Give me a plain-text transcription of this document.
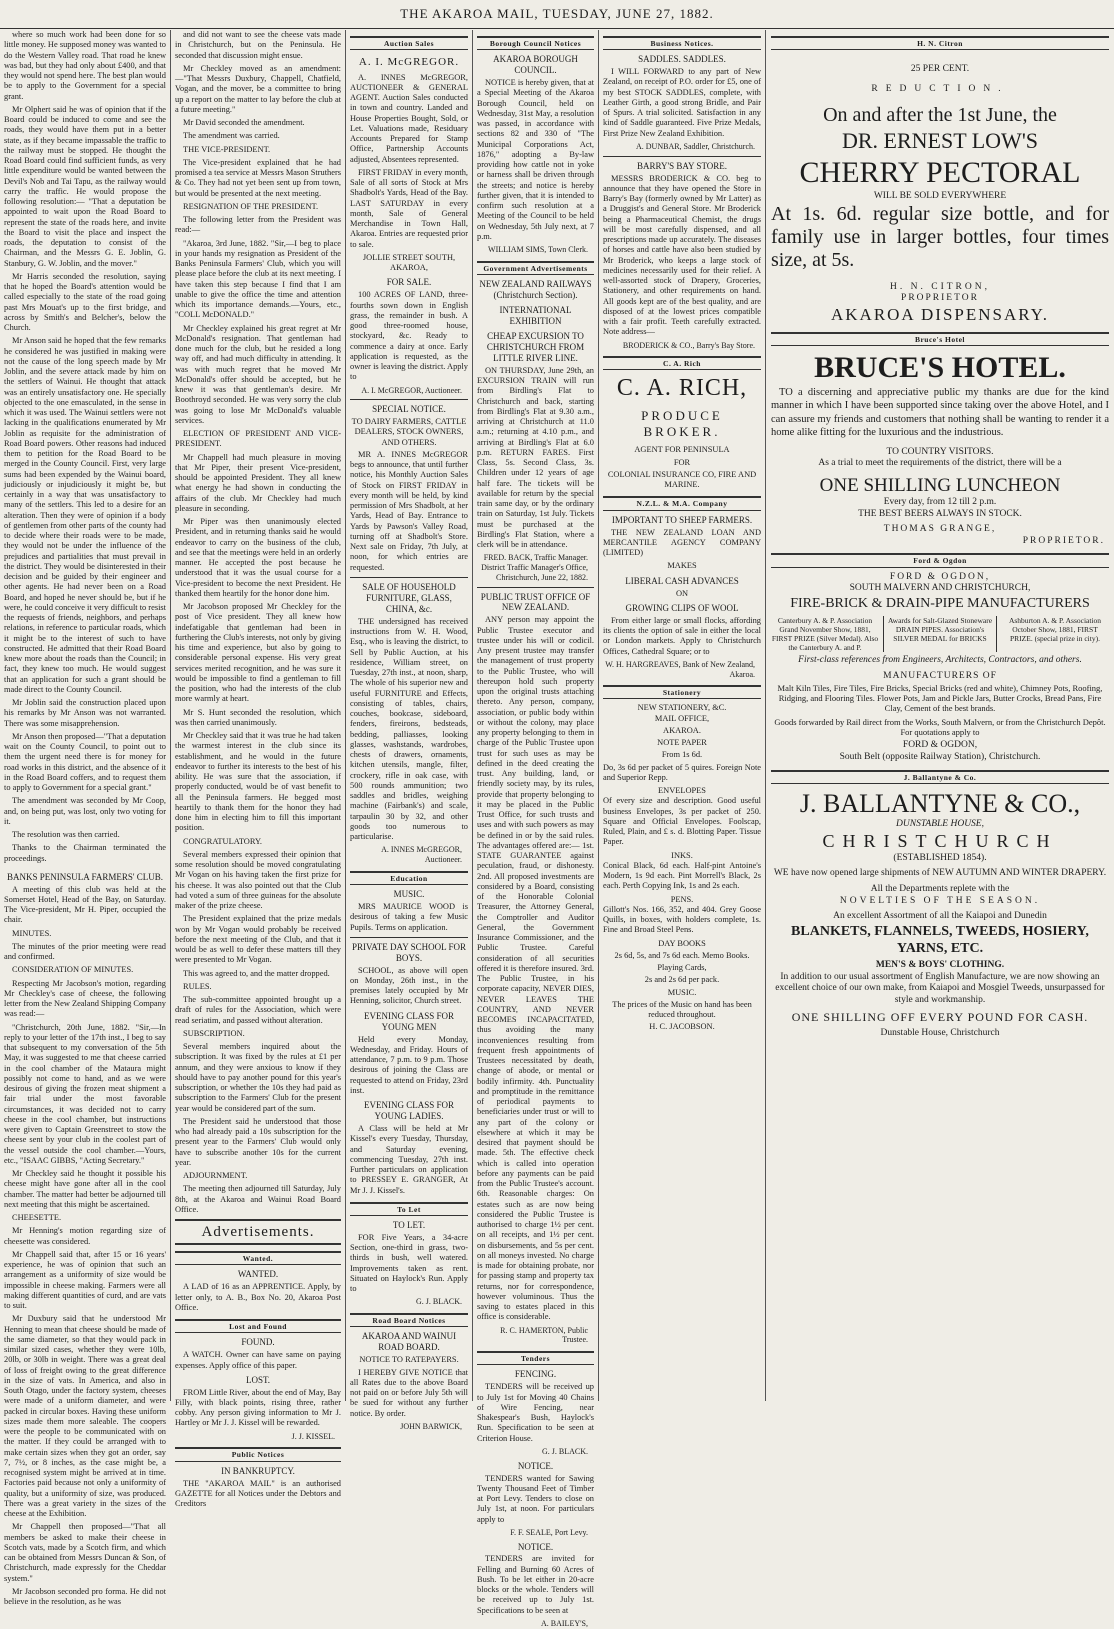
THE AKAROA MAIL, TUESDAY, JUNE 27, 1882.

where so much work had been done for so little money. He supposed money was wanted to do the Western Valley road. That road he knew was bad, but they had only about £400, and that they would not spend here. The best plan would be to apply to the Government for a special grant.

Mr Olphert said he was of opinion that if the Board could be induced to come and see the roads, they would have them put in a better state, as if they became impassable the traffic to the railway must be stopped. He thought the Road Board could find sufficient funds, as very little expenditure would be wanted between the Devil's Nob and Tai Tapu, as the railway would carry the traffic. He would propose the following resolution:— "That a deputation be appointed to wait upon the Road Board to represent the state of the roads here, and invite the Board to visit the place and inspect the roads, the deputation to consist of the Chairman, and the Messrs G. E. Joblin, G. Stanbury, G. W. Joblin, and the mover."

Mr Harris seconded the resolution, saying that he hoped the Board's attention would be called especially to the state of the road going past Mrs Mouat's up to the first bridge, and across by Smith's and Belcher's, below the Church.

Mr Anson said he hoped that the few remarks he considered he was justified in making were not the cause of the long speech made by Mr Joblin, and the severe attack made by him on the settlers of Wainui. He thought that attack was an entirely unsatisfactory one. He specially objected to the one emasculated, in the sense in which it was used. The Wainui settlers were not lacking in the qualifications enumerated by Mr Joblin as requisite for the administration of Road Board powers. Other reasons had induced them to petition for the Road Board to be merged in the County Council. First, very large sums had been expended by the Wainui board, judiciously or injudiciously it might be, but certainly in a way that was unsatisfactory to many of the settlers. This led to a desire for an alteration. Then they were of opinion if a body of gentlemen from other parts of the county had to decide where their roads were to be made, they would not be under the influence of the prejudices and partialities that must prevail in the district. They would be disinterested in their decision and be guided by their engineer and other agents. He had never been on a Road Board, and hoped he never should be, but if he were, he could conceive it very difficult to resist the requests of friends, neighbors, and perhaps relations, in reference to particular roads, which it might be to the interest of such to have constructed. He admitted that their Road Board knew more about the roads than the Council; in fact, they knew too much. He would suggest that an application for such a grant should be made direct to the County Council.

Mr Joblin said the construction placed upon his remarks by Mr Anson was not warranted. There was some misapprehension.

Mr Anson then proposed—"That a deputation wait on the County Council, to point out to them the urgent need there is for money for road works in this district, and the absence of it in the Road Board coffers, and to request them to apply to Government for a special grant."

The amendment was seconded by Mr Coop, and, on being put, was lost, only two voting for it.

The resolution was then carried.

Thanks to the Chairman terminated the proceedings.

BANKS PENINSULA FARMERS' CLUB.

A meeting of this club was held at the Somerset Hotel, Head of the Bay, on Saturday. The Vice-president, Mr H. Piper, occupied the chair.

MINUTES.

The minutes of the prior meeting were read and confirmed.

CONSIDERATION OF MINUTES.

Respecting Mr Jacobson's motion, regarding Mr Checkley's case of cheese, the following letter from the New Zealand Shipping Company was read:—

"Christchurch, 20th June, 1882. "Sir,—In reply to your letter of the 17th inst., I beg to say that subsequent to my conversation of the 5th May, it was suggested to me that cheese carried in the cool chamber of the Mataura might possibly not come to hand, and as we were desirous of giving the frozen meat shipment a fair trial under the most favorable circumstances, it was decided not to carry cheese in the cool chamber, but instructions were given to Captain Greenstreet to stow the cheese sent by your club in the coolest part of the vessel outside the cool chamber.—Yours, etc., "ISAAC GIBBS, "Acting Secretary."

Mr Checkley said he thought it possible his cheese might have gone after all in the cool chamber. The matter had better be adjourned till next meeting that this might be ascertained.

CHEESETTE.

Mr Henning's motion regarding size of cheesette was considered.

Mr Chappell said that, after 15 or 16 years' experience, he was of opinion that such an arrangement as a uniformity of size would be impossible in cheese making. Farmers were all making different quantities of curd, and are vats to suit.

Mr Duxbury said that he understood Mr Henning to mean that cheese should be made of the same diameter, so that they would pack in similar sized cases, whether they were 10lb, 20lb, or 30lb in weight. There was a great deal of loss of freight owing to the great difference in the size of vats. In America, and also in South Otago, under the factory system, cheeses were made of a uniform diameter, and were packed in circular boxes. Having these uniform sizes made them more saleable. The coopers were the people to be communicated with on the matter. If they could be arranged with to make certain sizes when they got an order, say 7, 7½, or 8 inches, as the case might be, a recognised system might be arrived at in time. Factories paid because not only a uniformity of quality, but a uniformity of size, was produced. There was a great variety in the sizes of the cheese at the Exhibition.

Mr Chappell then proposed—"That all members be asked to make their cheese in Scotch vats, made by a Scotch firm, and which can be obtained from Messrs Duncan & Son, of Christchurch, made expressly for the Cheddar system."

Mr Jacobson seconded pro forma. He did not believe in the resolution, as he was

and did not want to see the cheese vats made in Christchurch, but on the Peninsula. He seconded that discussion might ensue.

Mr Checkley moved as an amendment:—"That Messrs Duxbury, Chappell, Chatfield, Vogan, and the mover, be a committee to bring up a report on the matter to lay before the club at a future meeting."

Mr David seconded the amendment.

The amendment was carried.

THE VICE-PRESIDENT.

The Vice-president explained that he had promised a tea service at Messrs Mason Struthers & Co. They had not yet been sent up from town, but would be presented at the next meeting.

RESIGNATION OF THE PRESIDENT.

The following letter from the President was read:—

"Akaroa, 3rd June, 1882. "Sir,—I beg to place in your hands my resignation as President of the Banks Peninsula Farmers' Club, which you will please place before the club at its next meeting. I have taken this step because I find that I am unable to give the office the time and attention which its importance demands.—Yours, etc., "COLL McDONALD."

Mr Checkley explained his great regret at Mr McDonald's resignation. That gentleman had done much for the club, but he resided a long way off, and had much difficulty in attending. It was with much regret that he moved Mr McDonald's offer should be accepted, but he knew it was that gentleman's desire. Mr Boothroyd seconded. He was very sorry the club was going to lose Mr McDonald's valuable services.

ELECTION OF PRESIDENT AND VICE-PRESIDENT.

Mr Chappell had much pleasure in moving that Mr Piper, their present Vice-president, should be appointed President. They all knew what energy he had shown in conducting the affairs of the club. Mr Checkley had much pleasure in seconding.

Mr Piper was then unanimously elected President, and in returning thanks said he would endeavor to carry on the business of the club, and see that the meetings were held in an orderly manner. He accepted the post because he understood that it was the usual course for a Vice-president to become the next President. He thanked them heartily for the honor done him.

Mr Jacobson proposed Mr Checkley for the post of Vice president. They all knew how indefatigable that gentleman had been in furthering the Club's interests, not only by giving his time and experience, but also by going to considerable personal expense. His very great services merited recognition, and he was sure it would be impossible to find a gentleman to fill the position, who had the interests of the club more warmly at heart.

Mr S. Hunt seconded the resolution, which was then carried unanimously.

Mr Checkley said that it was true he had taken the warmest interest in the club since its establishment, and he would in the future endeavor to further its interests to the best of his ability. He was sure that the association, if properly conducted, would be of vast benefit to all the Peninsula farmers. He begged most heartily to thank them for the honor they had done him in electing him to fill this important position.

CONGRATULATORY.

Several members expressed their opinion that some resolution should be moved congratulating Mr Vogan on his having taken the first prize for his cheese. It was also pointed out that the Club had voted a sum of three guineas for the absolute maker of the prize cheese.

The President explained that the prize medals won by Mr Vogan would probably be received before the next meeting of the Club, and that it would be as well to defer these matters till they were presented to Mr Vogan.

This was agreed to, and the matter dropped.

RULES.

The sub-committee appointed brought up a draft of rules for the Association, which were read seriatim, and passed without alteration.

SUBSCRIPTION.

Several members inquired about the subscription. It was fixed by the rules at £1 per annum, and they were anxious to know if they should have to pay another pound for this year's subscription, or whether the 10s they had paid as subscription to the Farmers' Club for the present year would be considered part of the sum.

The President said he understood that those who had already paid a 10s subscription for the present year to the Farmers' Club would only have to subscribe another 10s for the current year.

ADJOURNMENT.

The meeting then adjourned till Saturday, July 8th, at the Akaroa and Wainui Road Board Office.

Advertisements.
Wanted.
WANTED.

A LAD of 16 as an APPRENTICE. Apply, by letter only, to A. B., Box No. 20, Akaroa Post Office.

Lost and Found
FOUND.

A WATCH. Owner can have same on paying expenses. Apply office of this paper.

LOST.

FROM Little River, about the end of May, Bay Filly, with black points, rising three, rather cobby. Any person giving information to Mr J. Hartley or Mr J. J. Kissel will be rewarded.

J. J. KISSEL.
Public Notices
IN BANKRUPTCY.

THE "AKAROA MAIL" is an authorised GAZETTE for all Notices under the Debtors and Creditors

Auction Sales
A. I. McGREGOR.

A. INNES McGREGOR, AUCTIONEER & GENERAL AGENT. Auction Sales conducted in town and country. Landed and House Properties Bought, Sold, or Let. Valuations made, Residuary Accounts Prepared for Stamp Office, Partnership Accounts adjusted, Absentees represented.

FIRST FRIDAY in every month, Sale of all sorts of Stock at Mrs Shadbolt's Yards, Head of the Bay. LAST SATURDAY in every month, Sale of General Merchandise in Town Hall, Akaroa. Entries are requested prior to sale.

JOLLIE STREET SOUTH, AKAROA,
FOR SALE.

100 ACRES OF LAND, three-fourths sown down in English grass, the remainder in bush. A good three-roomed house, stockyard, &c. Ready to commence a dairy at once. Early application is requested, as the owner is leaving the district. Apply to

A. I. McGREGOR, Auctioneer.
SPECIAL NOTICE.
TO DAIRY FARMERS, CATTLE DEALERS, STOCK OWNERS, AND OTHERS.

MR A. INNES McGREGOR begs to announce, that until further notice, his Monthly Auction Sales of Stock on FIRST FRIDAY in every month will be held, by kind permission of Mrs Shadbolt, at her Yards, Head of Bay. Entrance to Yards by Pawson's Valley Road, turning off at Shadbolt's Store. Next sale on Friday, 7th July, at noon, for which entries are requested.

SALE OF HOUSEHOLD FURNITURE, GLASS, CHINA, &c.

THE undersigned has received instructions from W. H. Wood, Esq., who is leaving the district, to Sell by Public Auction, at his residence, William street, on Tuesday, 27th inst., at noon, sharp, The whole of his superior new and useful FURNITURE and Effects, consisting of tables, chairs, couches, bookcase, sideboard, fenders, fireirons, bedsteads, bedding, palliasses, looking glasses, washstands, wardrobes, chests of drawers, ornaments, kitchen utensils, mangle, filter, crockery, rifle in oak case, with 500 rounds ammunition; two saddles and bridles, weighing machine (Fairbank's) and scale, tarpaulin 30 by 32, and other goods too numerous to particularise.

A. INNES McGREGOR, Auctioneer.
Education
MUSIC.

MRS MAURICE WOOD is desirous of taking a few Music Pupils. Terms on application.

PRIVATE DAY SCHOOL FOR BOYS.

SCHOOL, as above will open on Monday, 26th inst., in the premises lately occupied by Mr Henning, solicitor, Church street.

EVENING CLASS FOR YOUNG MEN

Held every Monday, Wednesday, and Friday. Hours of attendance, 7 p.m. to 9 p.m. Those desirous of joining the Class are requested to attend on Friday, 23rd inst.

EVENING CLASS FOR YOUNG LADIES.

A Class will be held at Mr Kissel's every Tuesday, Thursday, and Saturday evening, commencing Tuesday, 27th inst. Further particulars on application to PRESSEY E. GRANGER, At Mr J. J. Kissel's.

To Let
TO LET.

FOR Five Years, a 34-acre Section, one-third in grass, two-thirds in bush, well watered. Improvements taken as rent. Situated on Haylock's Run. Apply to

G. J. BLACK.
Road Board Notices
AKAROA AND WAINUI ROAD BOARD.
NOTICE TO RATEPAYERS.

I HEREBY GIVE NOTICE that all Rates due to the above Board not paid on or before July 5th will be sued for without any further notice. By order.

JOHN BARWICK,
Borough Council Notices
AKAROA BOROUGH COUNCIL.

NOTICE is hereby given, that at a Special Meeting of the Akaroa Borough Council, held on Wednesday, 31st May, a resolution was passed, in accordance with sections 82 and 330 of "The Municipal Corporations Act, 1876," adopting a By-law providing how cattle not in yoke or harness shall be driven through the streets; and notice is hereby further given, that it is intended to confirm such resolution at a Meeting of the Council to be held on Wednesday, 5th July next, at 7 p.m.

WILLIAM SIMS, Town Clerk.
Government Advertisements
NEW ZEALAND RAILWAYS (Christchurch Section).
INTERNATIONAL EXHIBITION
CHEAP EXCURSION TO CHRISTCHURCH FROM LITTLE RIVER LINE.

ON THURSDAY, June 29th, an EXCURSION TRAIN will run from Birdling's Flat to Christchurch and back, starting from Birdling's Flat at 9.30 a.m., arriving at Christchurch at 11.0 a.m.; returning at 4.10 p.m., and arriving at Birdling's Flat at 6.0 p.m. RETURN FARES. First Class, 5s. Second Class, 3s. Children under 12 years of age half fare. The tickets will be available for return by the special train same day, or by the ordinary train on Saturday, 1st July. Tickets must be purchased at the Birdling's Flat Station, where a clerk will be in attendance.

FRED. BACK, Traffic Manager. District Traffic Manager's Office, Christchurch, June 22, 1882.
PUBLIC TRUST OFFICE OF NEW ZEALAND.

ANY person may appoint the Public Trustee executor and trustee under his will or codicil. Any present trustee may transfer the management of trust property to the Public Trustee, who will thereupon hold such property upon the original trusts attaching thereto. Any person, company, association, or public body within or without the colony, may place any property belonging to them in charge of the Public Trustee upon trust for such uses as may be defined in the deed creating the trust. Any building, land, or friendly society may, by its rules, provide that property belonging to it may be placed in the Public Trust Office, for such trusts and uses and with such powers as may be defined in or by the said rules. The advantages offered are:— 1st. STATE GUARANTEE against peculation, fraud, or dishonesty. 2nd. All proposed investments are considered by a Board, consisting of the Honorable Colonial Treasurer, the Attorney General, the Comptroller and Auditor General, the Government Insurance Commissioner, and the Public Trustee. Careful consideration of all securities offered it is therefore insured. 3rd. The Public Trustee, in his corporate capacity, NEVER DIES, NEVER LEAVES THE COUNTRY, AND NEVER BECOMES INCAPACITATED, thus avoiding the many inconveniences resulting from frequent fresh appointments of Trustees necessitated by death, change of abode, or mental or bodily infirmity. 4th. Punctuality and promptitude in the remittance of periodical payments to beneficiaries under trust or will to any part of the colony or elsewhere at which it may be desired that payment should be made. 5th. The effective check which is called into operation before any payments can be paid from the Public Trustee's account. 6th. Reasonable charges: On estates such as are now being considered the Public Trustee is authorised to charge 1½ per cent. on all receipts, and 1½ per cent. on disbursements, and 5s per cent. on all moneys invested. No charge is made for obtaining probate, nor for passing stamp and property tax returns, nor for correspondence, however voluminous. Thus the saving to estates placed in this office is considerable.

R. C. HAMERTON, Public Trustee.
Tenders
FENCING.

TENDERS will be received up to July 1st for Moving 40 Chains of Wire Fencing, near Shakespear's Bush, Haylock's Run. Specification to be seen at Criterion House.

G. J. BLACK.
NOTICE.

TENDERS wanted for Sawing Twenty Thousand Feet of Timber at Port Levy. Tenders to close on July 1st, at noon. For particulars apply to

F. F. SEALE, Port Levy.
NOTICE.

TENDERS are invited for Felling and Burning 60 Acres of Bush. To be let either in 20-acre blocks or the whole. Tenders will be received up to July 1st. Specifications to be seen at

A. BAILEY'S,
Business Notices.
SADDLES. SADDLES.

I WILL FORWARD to any part of New Zealand, on receipt of P.O. order for £5, one of my best STOCK SADDLES, complete, with Leather Girth, a good strong Bridle, and Pair of Spurs. A trial solicited. Satisfaction in any kind of Saddle guaranteed. Five Prize Medals, First Prize New Zealand Exhibition.

A. DUNBAR, Saddler, Christchurch.
BARRY'S BAY STORE.

MESSRS BRODERICK & CO. beg to announce that they have opened the Store in Barry's Bay (formerly owned by Mr Latter) as a Druggist's and General Store. Mr Broderick being a Pharmaceutical Chemist, the drugs will be most carefully dispensed, and all prescriptions made up accurately. The diseases of horses and cattle have also been studied by Mr Broderick, who keeps a large stock of medicines necessarily used for their relief. A well-assorted stock of Drapery, Groceries, Stationery, and other requirements on hand. All goods kept are of the best quality, and are disposed of at the lowest prices compatible with a fair profit. Teeth carefully extracted. Note address—

BRODERICK & CO., Barry's Bay Store.
C. A. Rich
C. A. RICH,
PRODUCE BROKER.
AGENT FOR PENINSULA
FOR
COLONIAL INSURANCE CO, FIRE AND MARINE.
N.Z.L. & M.A. Company
IMPORTANT TO SHEEP FARMERS.

THE NEW ZEALAND LOAN AND MERCANTILE AGENCY COMPANY (LIMITED)

MAKES
LIBERAL CASH ADVANCES
ON
GROWING CLIPS OF WOOL

From either large or small flocks, affording its clients the option of sale in either the local or London markets. Apply to Christchurch Offices, Cathedral Square; or to

W. H. HARGREAVES, Bank of New Zealand, Akaroa.
Stationery
NEW STATIONERY, &C.
MAIL OFFICE,
AKAROA.
NOTE PAPER
From 1s 6d.

Do, 3s 6d per packet of 5 quires. Foreign Note and Superior Repp.

ENVELOPES

Of every size and description. Good useful business Envelopes, 3s per packet of 250. Square and Official Envelopes. Foolscap, Ruled, Plain, and £ s. d. Blotting Paper. Tissue Paper.

INKS.

Conical Black, 6d each. Half-pint Antoine's Modern, 1s 9d each. Pint Morrell's Black, 2s each. Perth Copying Ink, 1s and 2s each.

PENS.

Gillott's Nos. 166, 352, and 404. Grey Goose Quills, in boxes, with holders complete, 1s. Fine and Broad Steel Pens.

DAY BOOKS
2s 6d, 5s, and 7s 6d each. Memo Books.
Playing Cards,
2s and 2s 6d per pack.
MUSIC.
The prices of the Music on hand has been reduced throughout.
H. C. JACOBSON.
H. N. Citron
25 PER CENT.
REDUCTION.
On and after the 1st June, the
DR. ERNEST LOW'S
CHERRY PECTORAL
WILL BE SOLD EVERYWHERE
At 1s. 6d. regular size bottle, and for family use in larger bottles, four times size, at 5s.
H. N. CITRON,
PROPRIETOR
AKAROA DISPENSARY.
Bruce's Hotel
BRUCE'S HOTEL.

TO a discerning and appreciative public my thanks are due for the kind manner in which I have been supported since taking over the above Hotel, and I can assure my friends and customers that nothing shall be wanting to render it a home alike fitting for the luxurious and the industrious.

TO COUNTRY VISITORS.
As a trial to meet the requirements of the district, there will be a
ONE SHILLING LUNCHEON
Every day, from 12 till 2 p.m.
THE BEST BEERS ALWAYS IN STOCK.
THOMAS GRANGE,
PROPRIETOR.
Ford & Ogdon
FORD & OGDON,
SOUTH MALVERN AND CHRISTCHURCH,
FIRE-BRICK & DRAIN-PIPE MANUFACTURERS
Canterbury A. & P. Association Grand November Show, 1881, FIRST PRIZE (Silver Medal). Also the Canterbury A. and P.
Awards for Salt-Glazed Stoneware DRAIN PIPES. Association's SILVER MEDAL for BRICKS
Ashburton A. & P. Association October Show, 1881, FIRST PRIZE. (special prize in city).
First-class references from Engineers, Architects, Contractors, and others.
MANUFACTURERS OF

Malt Kiln Tiles, Fire Tiles, Fire Bricks, Special Bricks (red and white), Chimney Pots, Roofing, Ridging, and Flooring Tiles. Flower Pots, Jam and Pickle Jars, Butter Crocks, Bread Pans, Fire Clay, Cement of the best brands.

Goods forwarded by Rail direct from the Works, South Malvern, or from the Christchurch Depôt. For quotations apply to

FORD & OGDON,
South Belt (opposite Railway Station), Christchurch.
J. Ballantyne & Co.
J. BALLANTYNE & CO.,
DUNSTABLE HOUSE,
CHRISTCHURCH
(ESTABLISHED 1854).
WE have now opened large shipments of NEW AUTUMN AND WINTER DRAPERY.
All the Departments replete with the
NOVELTIES OF THE SEASON.
An excellent Assortment of all the Kaiapoi and Dunedin
BLANKETS, FLANNELS, TWEEDS, HOSIERY, YARNS, ETC.
MEN'S & BOYS' CLOTHING.
In addition to our usual assortment of English Manufacture, we are now showing an excellent choice of our own make, from Kaiapoi and Mosgiel Tweeds, unsurpassed for style and workmanship.
ONE SHILLING OFF EVERY POUND FOR CASH.
Dunstable House, Christchurch
